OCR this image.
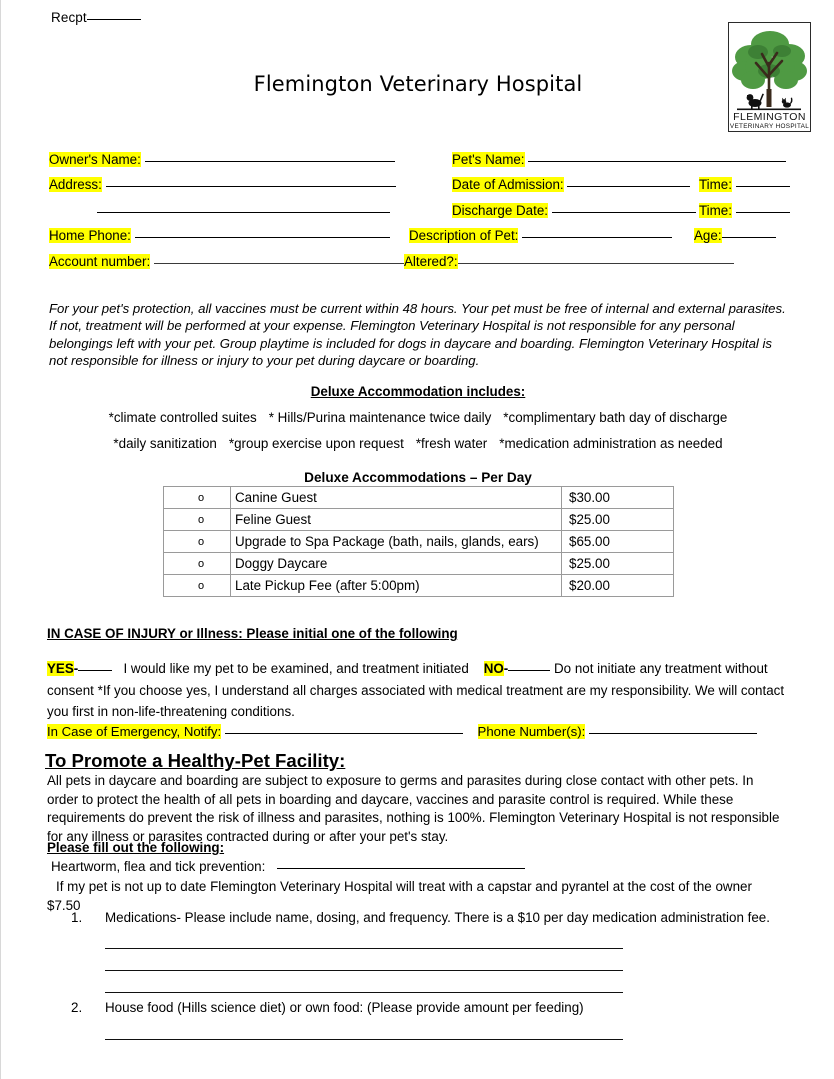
Recpt
FLEMINGTON
VETERINARY HOSPITAL
Flemington Veterinary Hospital
Owner's Name:	Pet's Name:
Address:	Date of Admission:	Time:
Discharge Date:	Time:
Home Phone:	Description of Pet:	Age:
Account number:	Altered?:
For your pet's protection, all vaccines must be current within 48 hours. Your pet must be free of internal and external parasites. If not, treatment will be performed at your expense. Flemington Veterinary Hospital is not responsible for any personal belongings left with your pet. Group playtime is included for dogs in daycare and boarding. Flemington Veterinary Hospital is not responsible for illness or injury to your pet during daycare or boarding.
Deluxe Accommodation includes:
*climate controlled suites * Hills/Purina maintenance twice daily *complimentary bath day of discharge
*daily sanitization *group exercise upon request *fresh water *medication administration as needed
Deluxe Accommodations – Per Day
o	Canine Guest	$30.00
o	Feline Guest	$25.00
o	Upgrade to Spa Package (bath, nails, glands, ears)	$65.00
o	Doggy Daycare	$25.00
o	Late Pickup Fee (after 5:00pm)	$20.00
IN CASE OF INJURY or Illness: Please initial one of the following
YES-	I would like my pet to be examined, and treatment initiated NO-	Do not initiate any treatment without consent *If you choose yes, I understand all charges associated with medical treatment are my responsibility. We will contact you first in non-life-threatening conditions.
In Case of Emergency, Notify:	Phone Number(s):
To Promote a Healthy-Pet Facility:
All pets in daycare and boarding are subject to exposure to germs and parasites during close contact with other pets. In order to protect the health of all pets in boarding and daycare, vaccines and parasite control is required. While these requirements do prevent the risk of illness and parasites, nothing is 100%. Flemington Veterinary Hospital is not responsible for any illness or parasites contracted during or after your pet's stay.
Please fill out the following:
Heartworm, flea and tick prevention:
If my pet is not up to date Flemington Veterinary Hospital will treat with a capstar and pyrantel at the cost of the owner $7.50
1.	Medications- Please include name, dosing, and frequency. There is a $10 per day medication administration fee.
2.	House food (Hills science diet) or own food: (Please provide amount per feeding)
